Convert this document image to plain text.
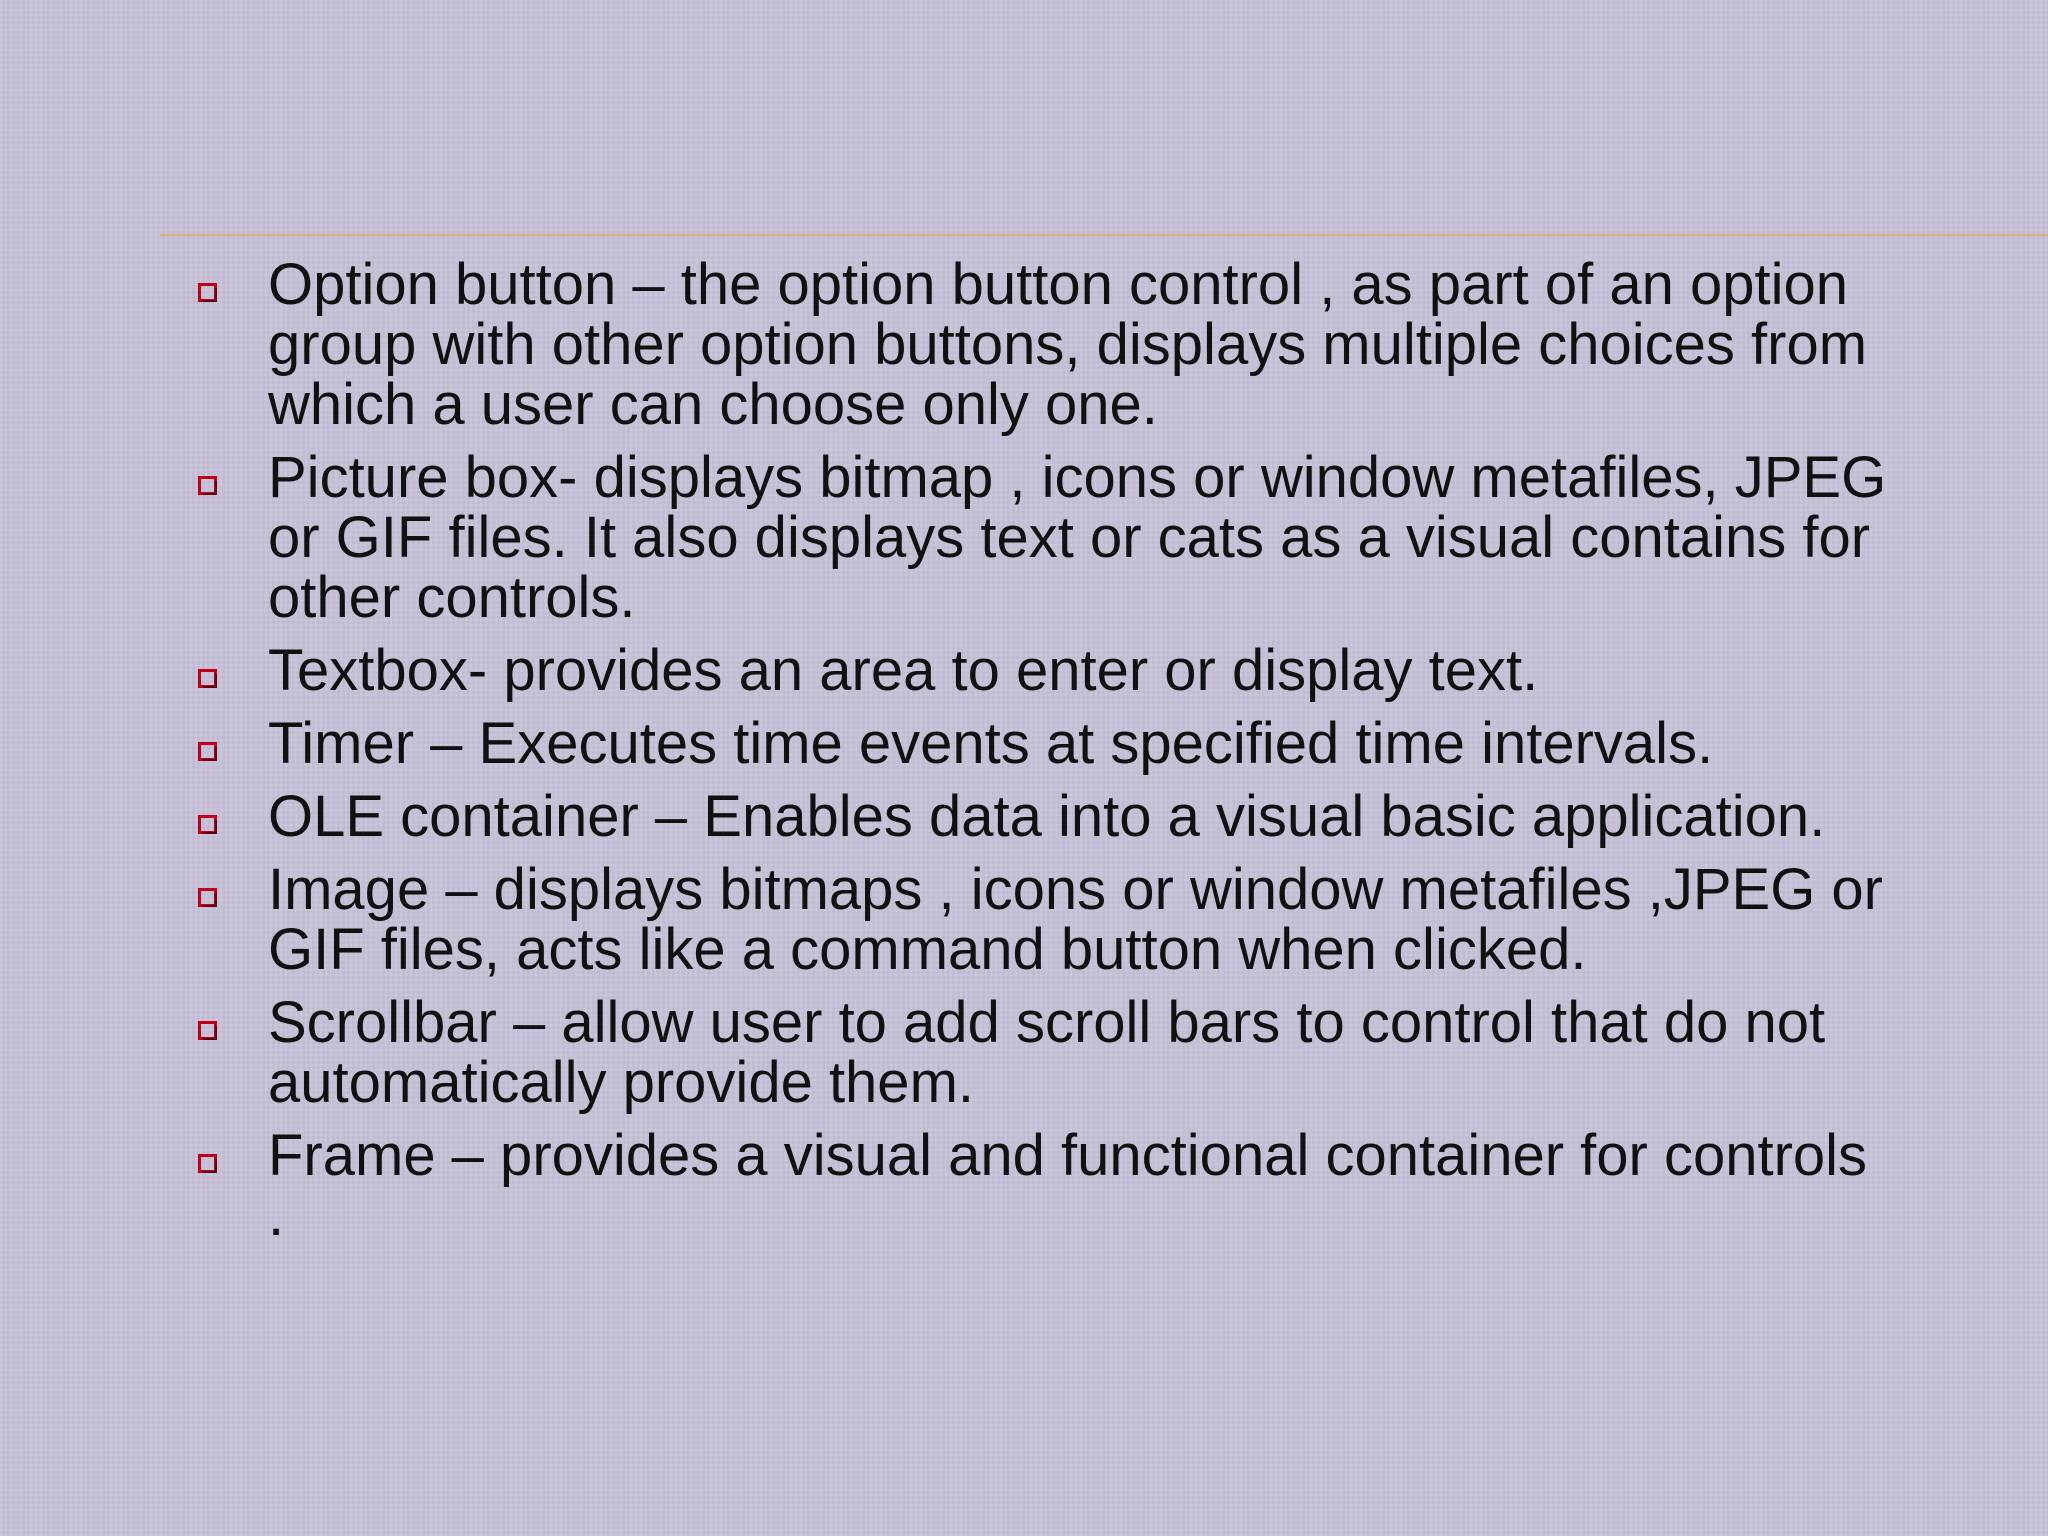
Option button – the option button control , as part of an option group with other option buttons, displays multiple choices from which a user can choose only one.
Picture box- displays bitmap , icons or window metafiles, JPEG or GIF files. It also displays text or cats as a visual contains for other controls.
Textbox- provides an area to enter or display text.
Timer – Executes time events at specified time intervals.
OLE container – Enables data into a visual basic application.
Image – displays bitmaps , icons or window metafiles ,JPEG or GIF files, acts like a command button when clicked.
Scrollbar – allow user to add scroll bars to control that do not automatically provide them.
Frame – provides a visual and functional container for controls .
